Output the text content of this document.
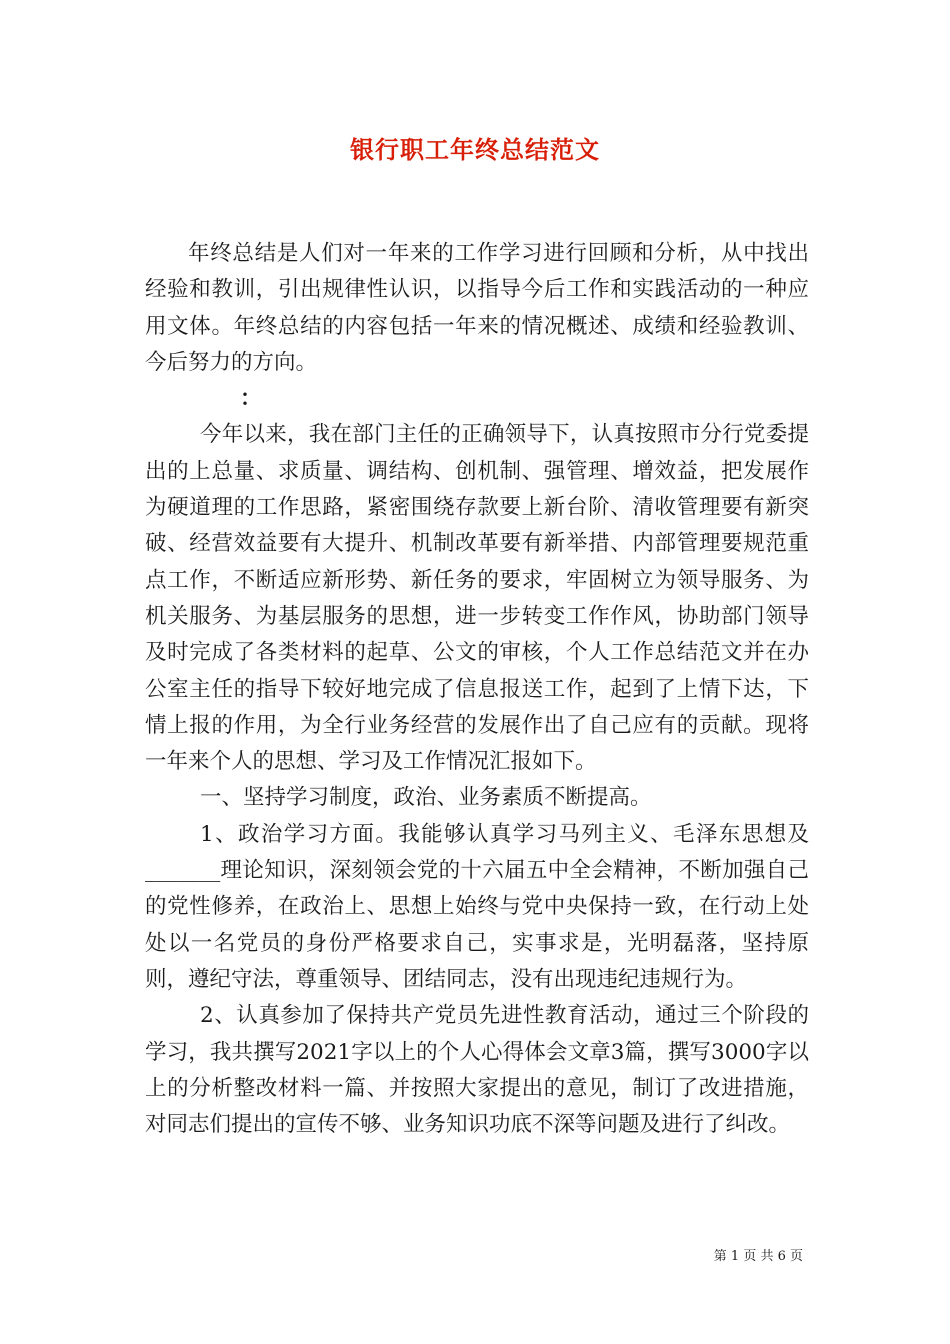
银行职工年终总结范文

年终总结是人们对一年来的工作学习进行回顾和分析，从中找出经验和教训，引出规律性认识，以指导今后工作和实践活动的一种应用文体。年终总结的内容包括一年来的情况概述、成绩和经验教训、今后努力的方向。

：

今年以来，我在部门主任的正确领导下，认真按照市分行党委提出的上总量、求质量、调结构、创机制、强管理、增效益，把发展作为硬道理的工作思路，紧密围绕存款要上新台阶、清收管理要有新突破、经营效益要有大提升、机制改革要有新举措、内部管理要规范重点工作，不断适应新形势、新任务的要求，牢固树立为领导服务、为机关服务、为基层服务的思想，进一步转变工作作风，协助部门领导及时完成了各类材料的起草、公文的审核，个人工作总结范文并在办公室主任的指导下较好地完成了信息报送工作，起到了上情下达，下情上报的作用，为全行业务经营的发展作出了自己应有的贡献。现将一年来个人的思想、学习及工作情况汇报如下。

一、坚持学习制度，政治、业务素质不断提高。

1、政治学习方面。我能够认真学习马列主义、毛泽东思想及_______理论知识，深刻领会党的十六届五中全会精神，不断加强自己的党性修养，在政治上、思想上始终与党中央保持一致，在行动上处处以一名党员的身份严格要求自己，实事求是，光明磊落，坚持原则，遵纪守法，尊重领导、团结同志，没有出现违纪违规行为。

2、认真参加了保持共产党员先进性教育活动，通过三个阶段的学习，我共撰写2021字以上的个人心得体会文章3篇，撰写3000字以上的分析整改材料一篇、并按照大家提出的意见，制订了改进措施，对同志们提出的宣传不够、业务知识功底不深等问题及进行了纠改。

第 1 页 共 6 页
